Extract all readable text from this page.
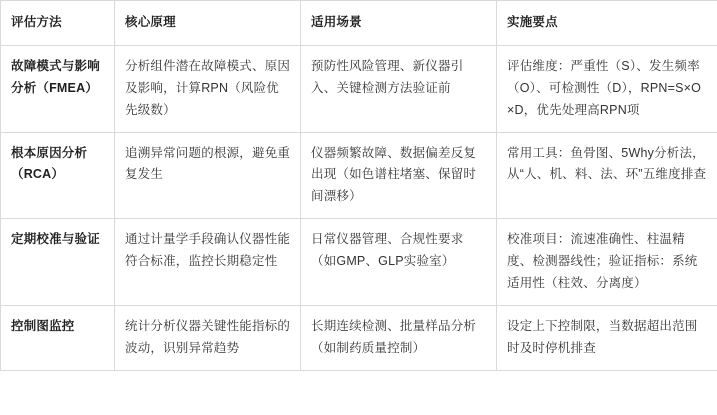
评估方法	核心原理	适用场景	实施要点
故障模式与影响分析（FMEA）	分析组件潜在故障模式、原因及影响，计算RPN（风险优先级数）	预防性风险管理、新仪器引入、关键检测方法验证前	评估维度：严重性（S）、发生频率（O）、可检测性（D），RPN=S×O×D，优先处理高RPN项
根本原因分析（RCA）	追溯异常问题的根源，避免重复发生	仪器频繁故障、数据偏差反复出现（如色谱柱堵塞、保留时间漂移）	常用工具：鱼骨图、5Why分析法，从“人、机、料、法、环”五维度排查
定期校准与验证	通过计量学手段确认仪器性能符合标准，监控长期稳定性	日常仪器管理、合规性要求（如GMP、GLP实验室）	校准项目：流速准确性、柱温精度、检测器线性；验证指标：系统适用性（柱效、分离度）
控制图监控	统计分析仪器关键性能指标的波动，识别异常趋势	长期连续检测、批量样品分析（如制药质量控制）	设定上下控制限，当数据超出范围时及时停机排查
